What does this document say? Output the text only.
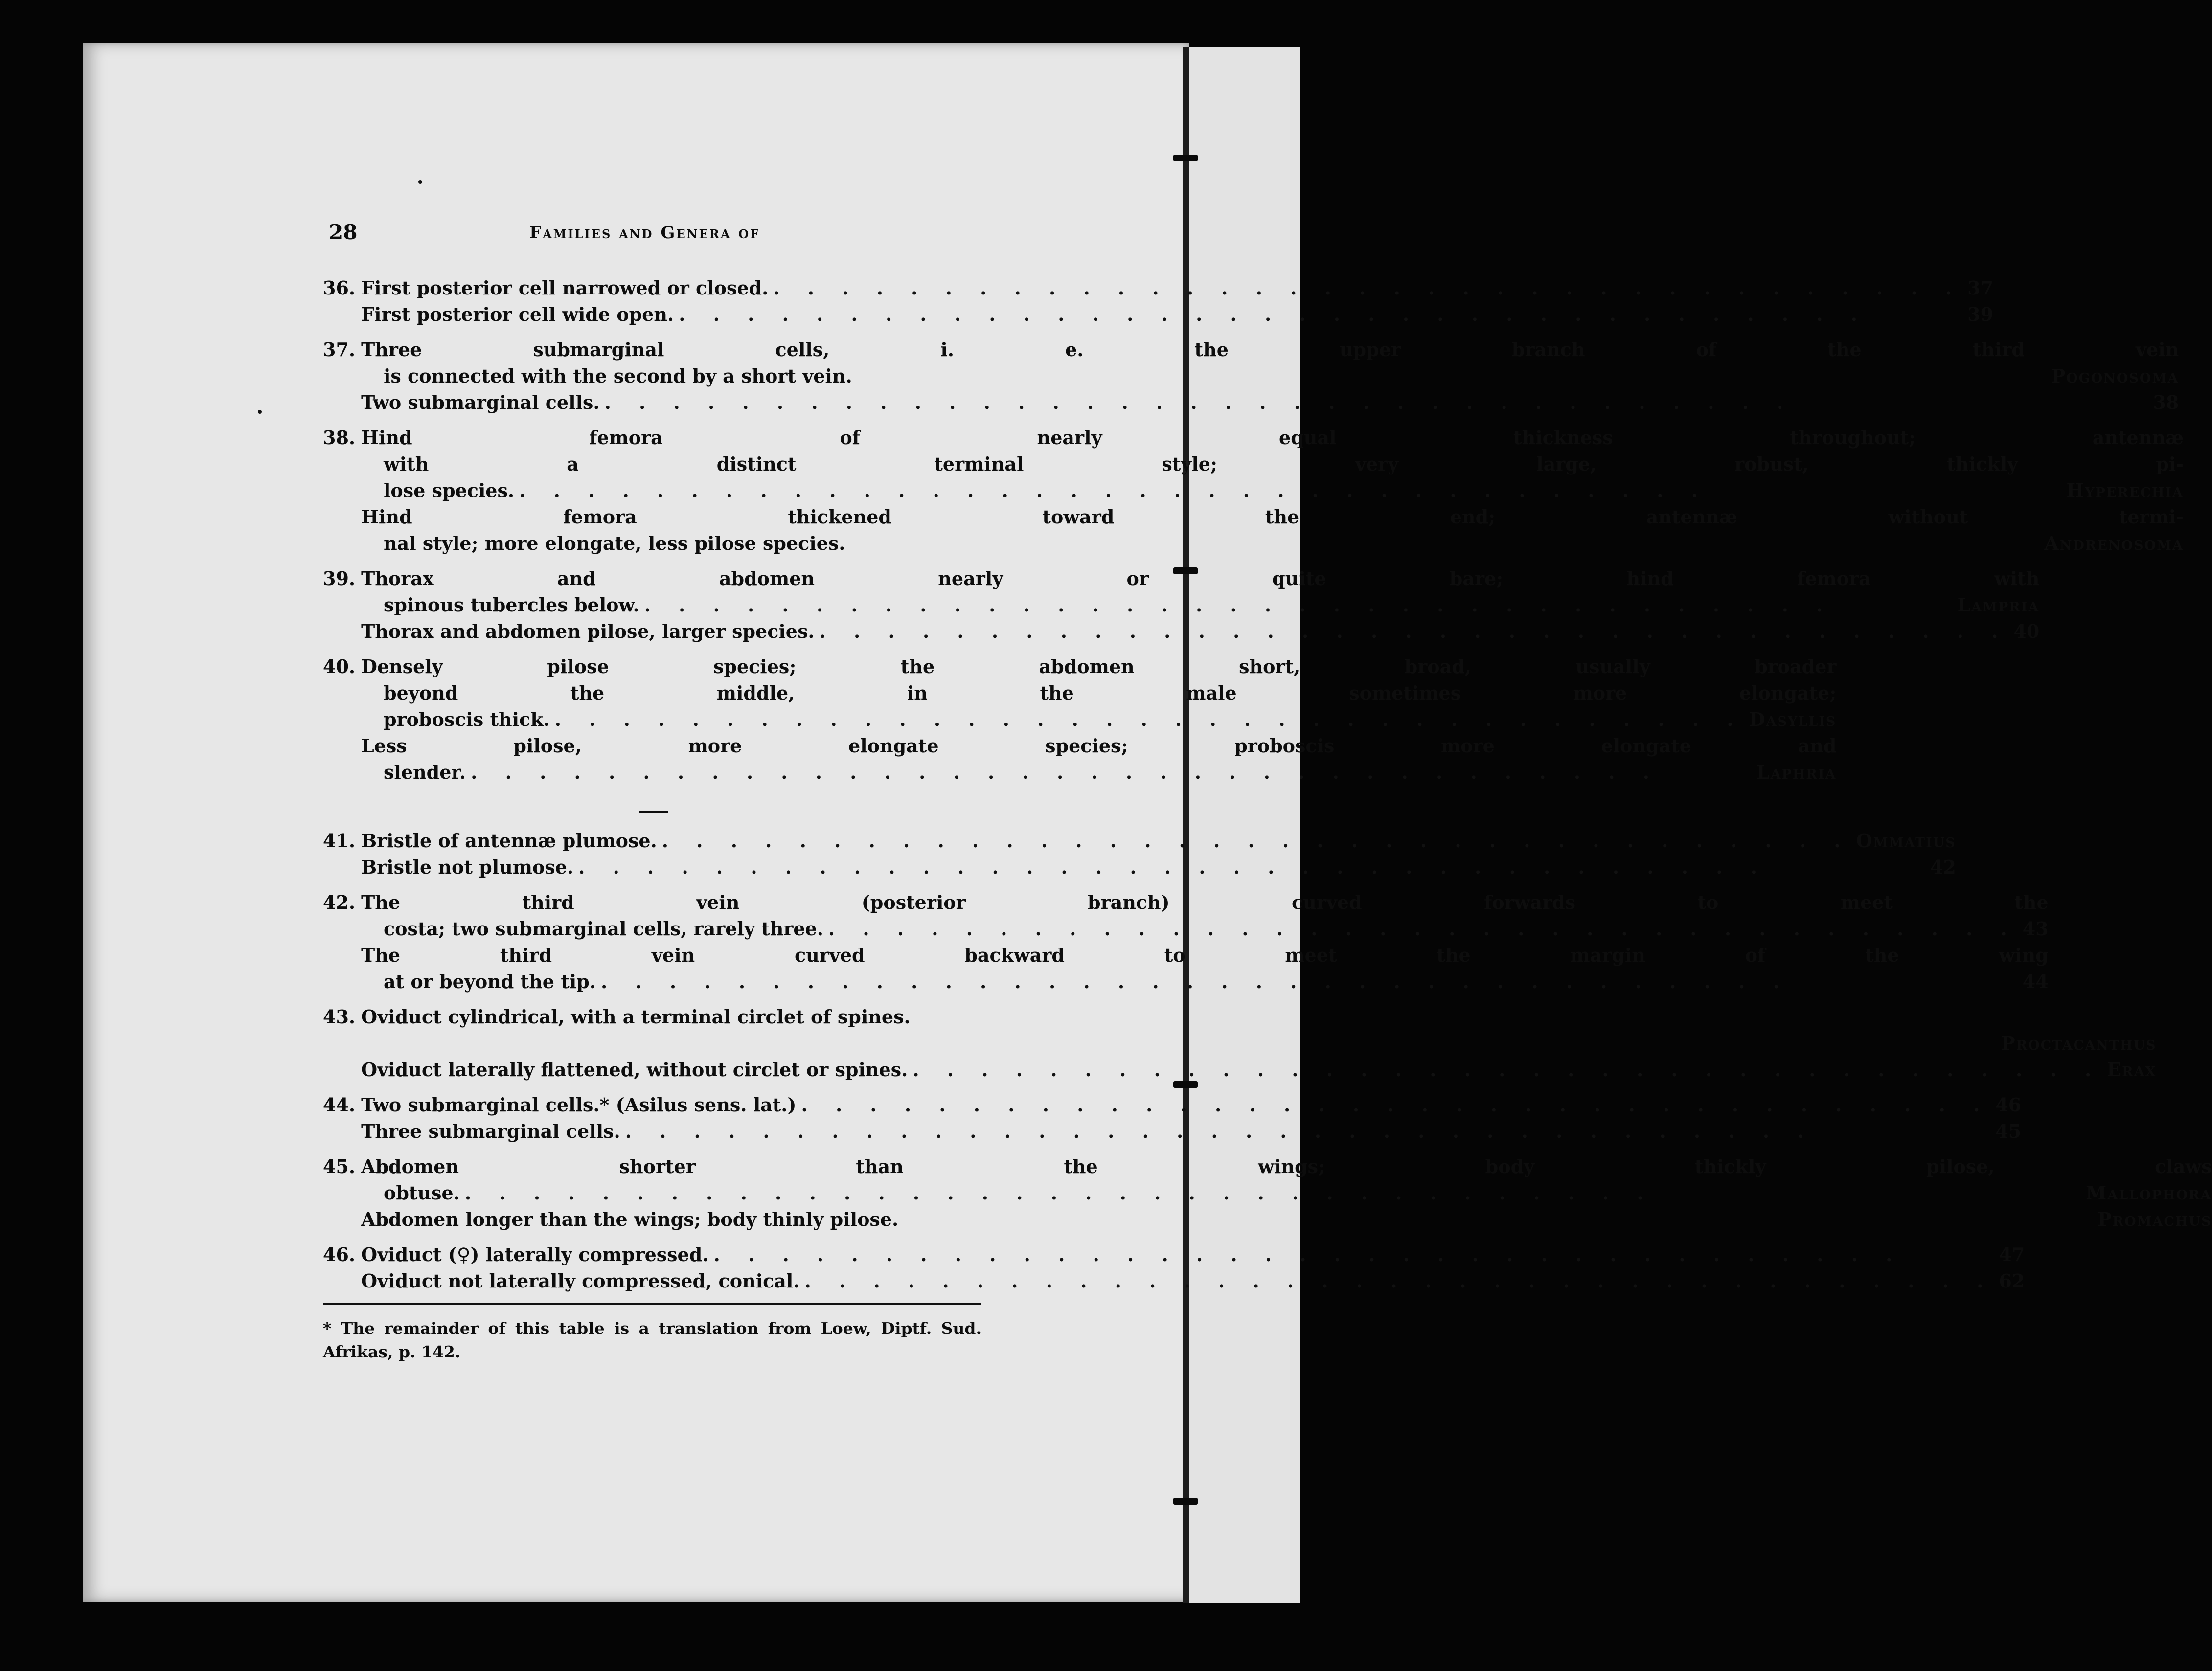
28	Families and Genera of
36. First posterior cell narrowed or closed. . . .	37
First posterior cell wide open. . . .	39
37. Three submarginal cells, i. e. the upper branch of the third vein
is connected with the second by a short vein.	Pogonosoma
Two submarginal cells. . . .	38
38. Hind femora of nearly equal thickness throughout; antennæ
with a distinct terminal style; very large, robust, thickly pi-
lose species. . . .	Hyperechia
Hind femora thickened toward the end; antennæ without termi-
nal style; more elongate, less pilose species.	Andrenosoma
39. Thorax and abdomen nearly or quite bare; hind femora with
spinous tubercles below. . . .	Lampria
Thorax and abdomen pilose, larger species. . . .	40
40. Densely pilose species; the abdomen short, broad, usually broader
beyond the middle, in the male sometimes more elongate;
proboscis thick. . . .	Dasyllis
Less pilose, more elongate species; proboscis more elongate and
slender. . . .	Laphria
41. Bristle of antennæ plumose. . . .	Ommatius
Bristle not plumose. . . .	42
42. The third vein (posterior branch) curved forwards to meet the
costa; two submarginal cells, rarely three. . . .	43
The third vein curved backward to meet the margin of the wing
at or beyond the tip. . . .	44
43. Oviduct cylindrical, with a terminal circlet of spines.
Proctacanthus
Oviduct laterally flattened, without circlet or spines. . . .	Erax
44. Two submarginal cells.* (Asilus sens. lat.) . . .	46
Three submarginal cells. . . .	45
45. Abdomen shorter than the wings; body thickly pilose, claws
obtuse. . . .	Mallophora
Abdomen longer than the wings; body thinly pilose.	Promachus
46. Oviduct (♀) laterally compressed. . . .	47
Oviduct not laterally compressed, conical. . . .	62
* The remainder of this table is a translation from Loew, Diptf. Sud.
Afrikas, p. 142.
